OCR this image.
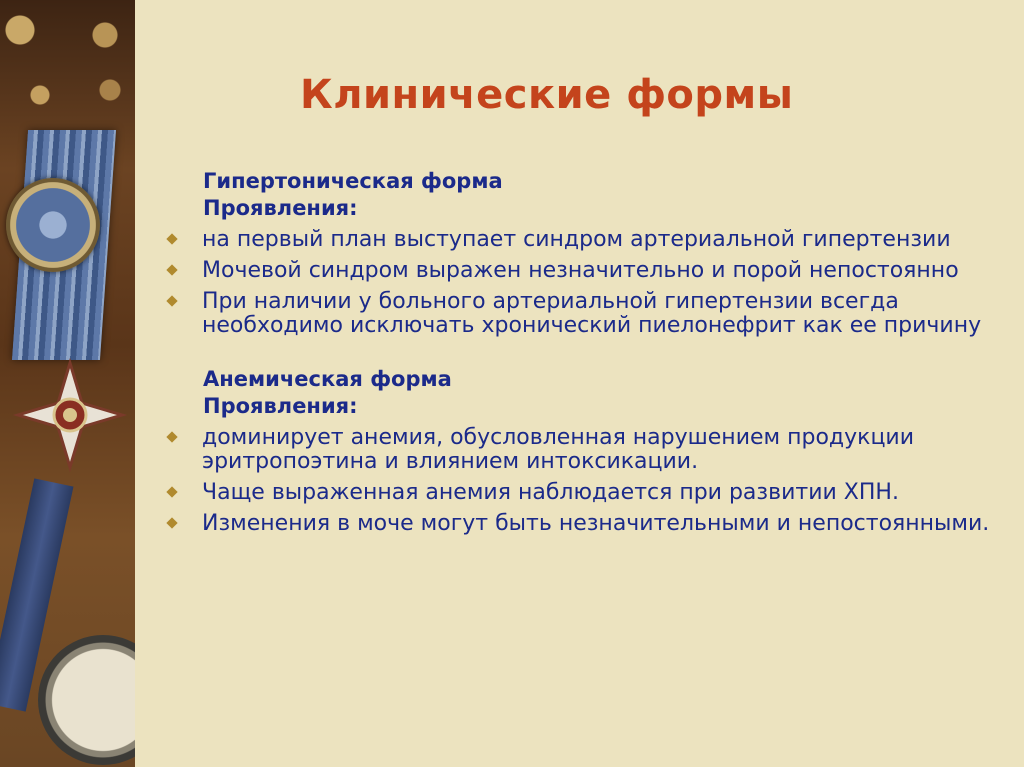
Клинические формы
Гипертоническая форма
Проявления:
на первый план выступает синдром артериальной гипертензии
Мочевой синдром выражен незначительно и порой непостоянно
При наличии у больного артериальной гипертензии всегда необходимо исключать хронический пиелонефрит как ее причину
Анемическая форма
Проявления:
доминирует анемия, обусловленная нарушением продукции эритропоэтина и влиянием интоксикации.
Чаще выраженная анемия наблюдается при развитии ХПН.
Изменения в моче могут быть незначительными и непостоянными.
